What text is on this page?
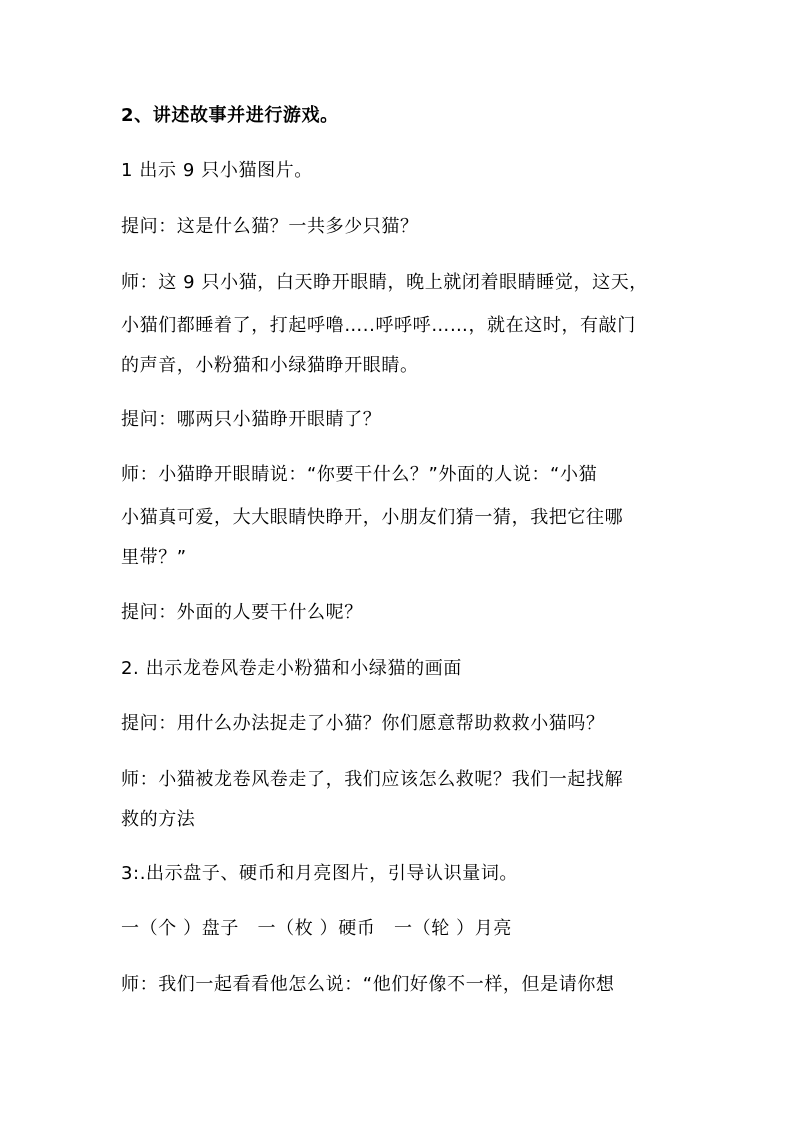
2、讲述故事并进行游戏。
1 出示 9 只小猫图片。
提问：这是什么猫？一共多少只猫？
师：这 9 只小猫，白天睁开眼睛，晚上就闭着眼睛睡觉，这天，
小猫们都睡着了，打起呼噜…..呼呼呼……，就在这时，有敲门
的声音，小粉猫和小绿猫睁开眼睛。
提问：哪两只小猫睁开眼睛了？
师：小猫睁开眼睛说：“你要干什么？”外面的人说：“小猫
小猫真可爱，大大眼睛快睁开，小朋友们猜一猜，我把它往哪
里带？”
提问：外面的人要干什么呢？
2. 出示龙卷风卷走小粉猫和小绿猫的画面
提问：用什么办法捉走了小猫？你们愿意帮助救救小猫吗？
师：小猫被龙卷风卷走了，我们应该怎么救呢？我们一起找解
救的方法
3:.出示盘子、硬币和月亮图片，引导认识量词。
一（个 ）盘子　一（枚 ）硬币　一（轮 ）月亮
师：我们一起看看他怎么说：“他们好像不一样，但是请你想
